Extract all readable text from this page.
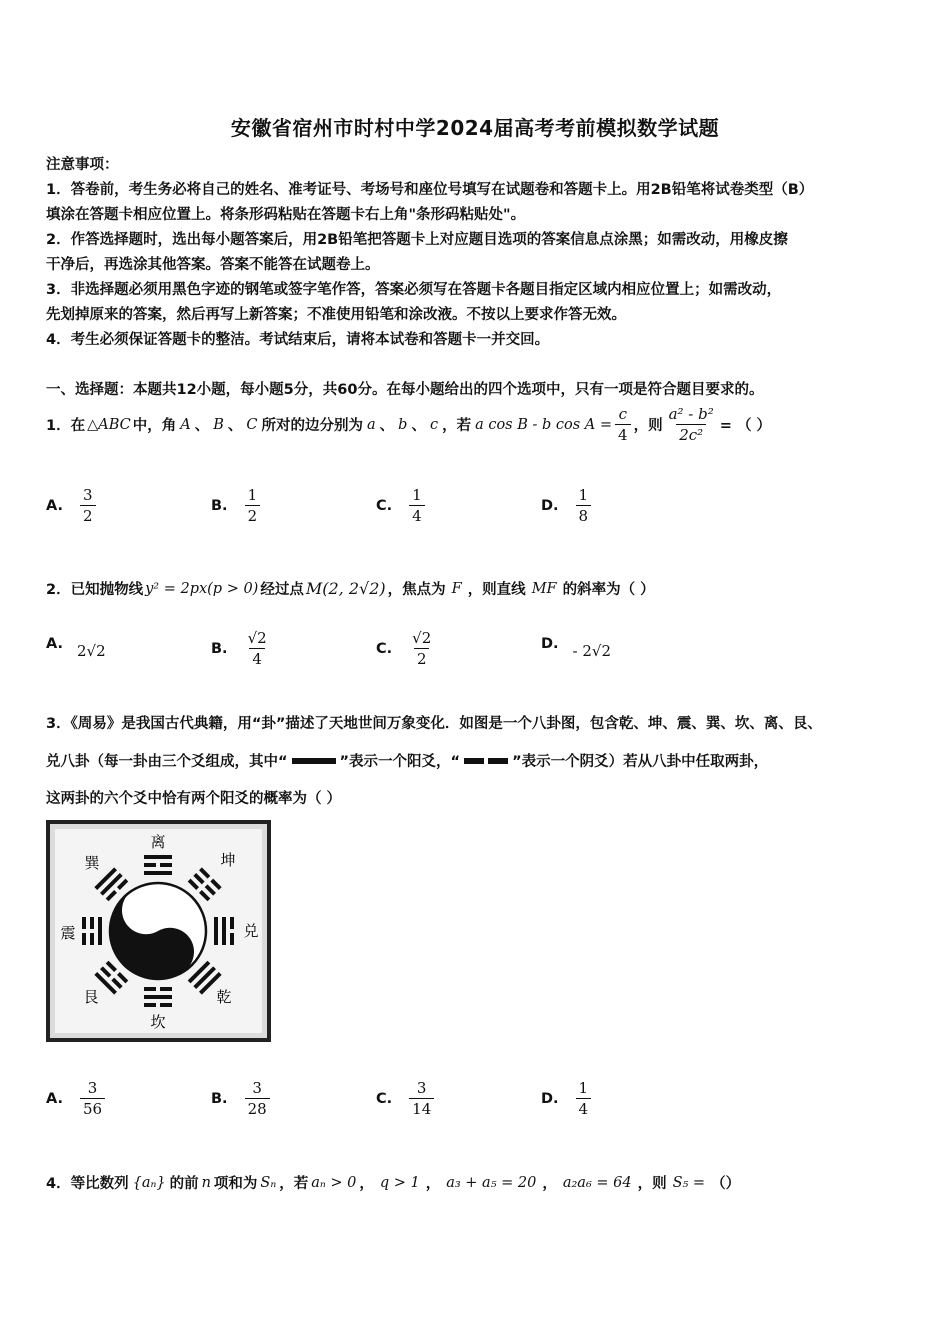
安徽省宿州市时村中学2024届高考考前模拟数学试题
注意事项：
1．答卷前，考生务必将自己的姓名、准考证号、考场号和座位号填写在试题卷和答题卡上。用2B铅笔将试卷类型（B）
填涂在答题卡相应位置上。将条形码粘贴在答题卡右上角"条形码粘贴处"。
2．作答选择题时，选出每小题答案后，用2B铅笔把答题卡上对应题目选项的答案信息点涂黑；如需改动，用橡皮擦
干净后，再选涂其他答案。答案不能答在试题卷上。
3．非选择题必须用黑色字迹的钢笔或签字笔作答，答案必须写在答题卡各题目指定区域内相应位置上；如需改动，
先划掉原来的答案，然后再写上新答案；不准使用铅笔和涂改液。不按以上要求作答无效。
4．考生必须保证答题卡的整洁。考试结束后，请将本试卷和答题卡一并交回。
一、选择题：本题共12小题，每小题5分，共60分。在每小题给出的四个选项中，只有一项是符合题目要求的。
1．在 △ABC 中，角 A 、 B 、 C 所对的边分别为 a 、 b 、 c ，若 a cos B - b $\cos A = \frac{c}{4}$ ，则 $\frac{\text{a² - b²}}{\text{2c²}}$ = （ ）
A. $\frac{3}{2}$	B. $\frac{1}{2}$	C. $\frac{1}{4}$	D. $\frac{1}{8}$
2．已知抛物线 y² = 2px(p > 0) 经过点 M(2, 2√2) ，焦点为 F ，则直线 MF 的斜率为（ ）
A. 2√2	B. $\frac{√2}{4}$	C. $\frac{√2}{2}$	D. - 2√2
3．《周易》是我国古代典籍，用“卦”描述了天地世间万象变化．如图是一个八卦图，包含乾、坤、震、巽、坎、离、艮、
兑八卦（每一卦由三个爻组成，其中“	”表示一个阳爻，“	”表示一个阴爻）若从八卦中任取两卦，
这两卦的六个爻中恰有两个阳爻的概率为（ ）
离
坤
巽
震	兑
艮	乾
坎
A. $\frac{3}{56}$	B. $\frac{3}{28}$	C. $\frac{3}{14}$	D. $\frac{1}{4}$
4．等比数列 {aₙ} 的前 n 项和为 Sₙ ，若 aₙ > 0 ， q > 1 ， a₃ + a₅ = 20 ， a₂a₆ = 64 ，则 S₅ = （）
